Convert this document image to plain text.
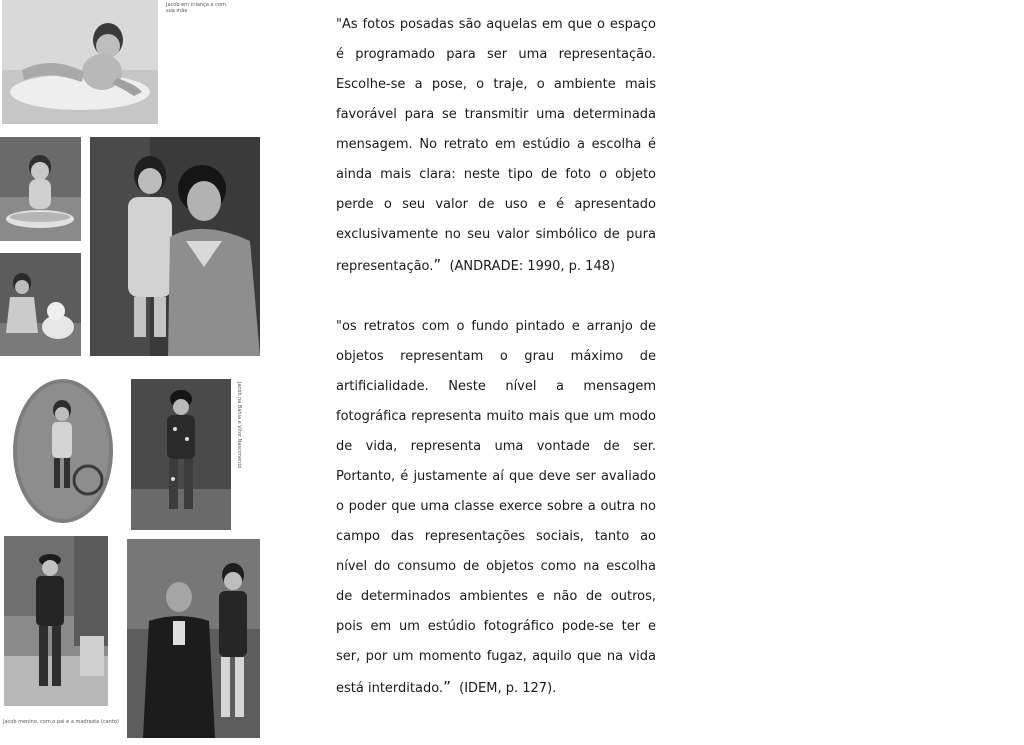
Jacob em criança e com sua mãe
Jacob na Bahia e Vitor Nascimento
Jacob menino, com o pai e a madrasta (canto)

"As fotos posadas são aquelas em que o espaço é programado para ser uma representação. Escolhe-se a pose, o traje, o ambiente mais favorável para se transmitir uma determinada mensagem. No retrato em estúdio a escolha é ainda mais clara: neste tipo de foto o objeto perde o seu valor de uso e é apresentado exclusivamente no seu valor simbólico de pura representação.” (ANDRADE: 1990, p. 148)

"os retratos com o fundo pintado e arranjo de objetos representam o grau máximo de artificialidade. Neste nível a mensagem fotográfica representa muito mais que um modo de vida, representa uma vontade de ser. Portanto, é justamente aí que deve ser avaliado o poder que uma classe exerce sobre a outra no campo das representações sociais, tanto ao nível do consumo de objetos como na escolha de determinados ambientes e não de outros, pois em um estúdio fotográfico pode-se ter e ser, por um momento fugaz, aquilo que na vida está interditado.” (IDEM, p. 127).
